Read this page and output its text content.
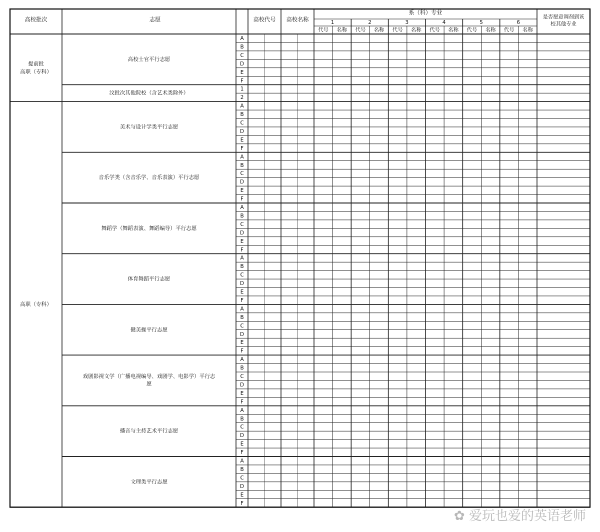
高校批次	志愿	高校代号 高校名称
系（科）专业
是否愿意调剂到该
校其他专业
1
代号 名称
2
代号 名称
3
代号 名称
4
代号 名称
5
代号 名称
6
代号 名称
A
B
C
D
E
F
高校士官平行志愿
1
2
汶批次其他院校（含艺术类除外）
提前批
高职（专科）
A
B
C
D
E
F
美术与设计学类平行志愿
A
B
C
D
E
F
音乐学类（含音乐学、音乐表演）平行志愿
A
B
C
D
E
F
舞蹈学（舞蹈表演、舞蹈编导）平行志愿
A
B
C
D
E
F
体育舞蹈平行志愿
A
B
C
D
E
F
健美操平行志愿
A
B
C
D
E
F
戏剧影视文学（广播电视编导、戏剧学、电影学）平行志
愿
A
B
C
D
E
F
播音与主持艺术平行志愿
A
B
C
D
E
F
文理类平行志愿
高职（专科）
✿ 爱玩也爱的英语老师
